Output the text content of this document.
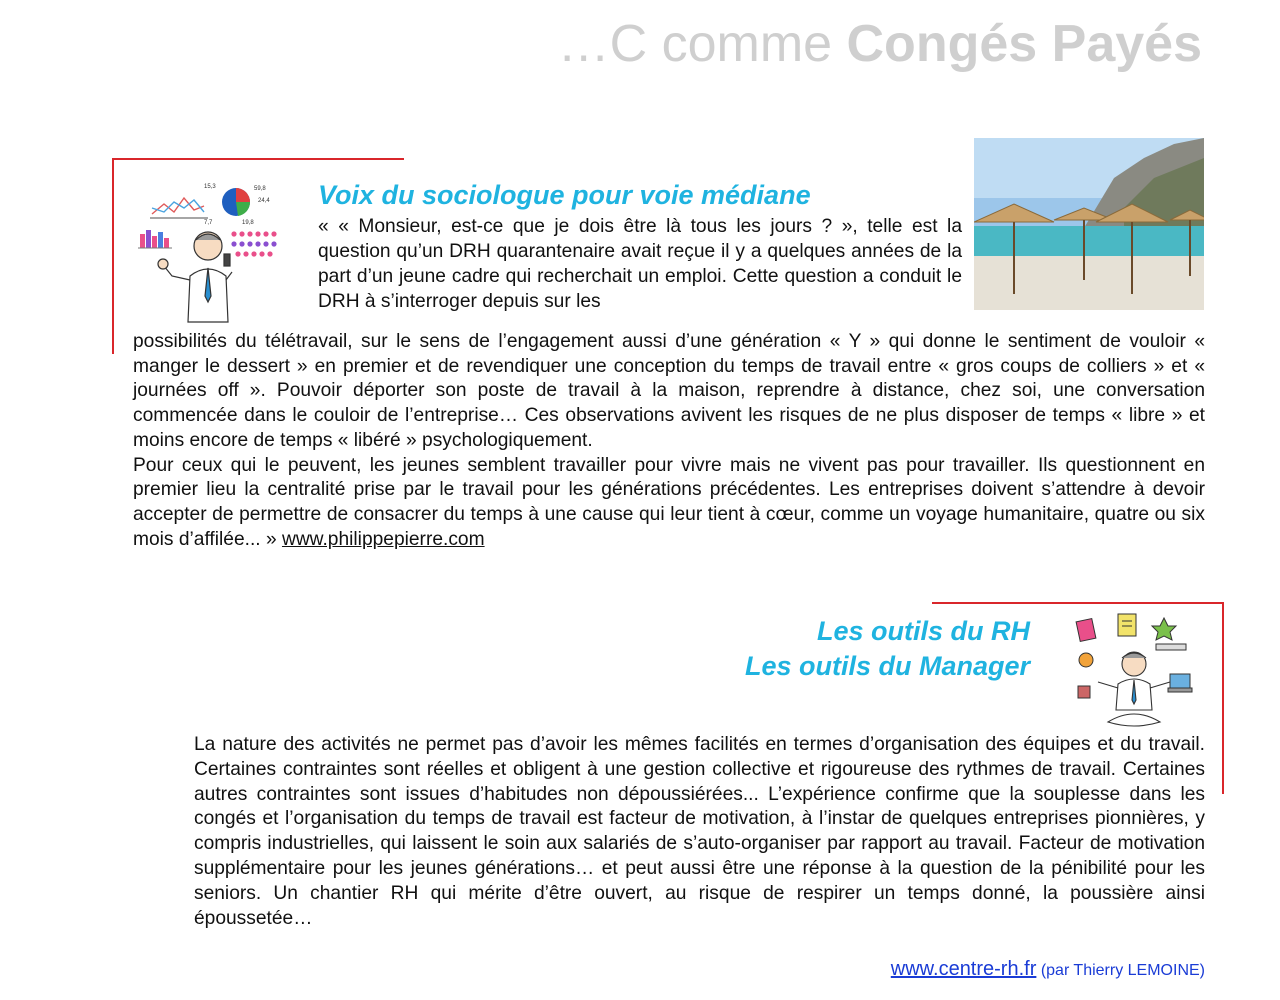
…C comme Congés Payés
15,3	59,8
24,4
7,7	19,8
Voix du sociologue pour voie médiane

« « Monsieur, est-ce que je dois être là tous les jours ? », telle est la question qu’un DRH quarantenaire avait reçue il y a quelques années de la part d’un jeune cadre qui recherchait un emploi. Cette question a conduit le DRH à s’interroger depuis sur les

possibilités du télétravail, sur le sens de l’engagement aussi d’une génération « Y » qui donne le sentiment de vouloir « manger le dessert » en premier et de revendiquer une conception du temps de travail entre « gros coups de colliers » et « journées off ». Pouvoir déporter son poste de travail à la maison, reprendre à distance, chez soi, une conversation commencée dans le couloir de l’entreprise… Ces observations avivent les risques de ne plus disposer de temps « libre » et moins encore de temps « libéré » psychologiquement.

Pour ceux qui le peuvent, les jeunes semblent travailler pour vivre mais ne vivent pas pour travailler. Ils questionnent en premier lieu la centralité prise par le travail pour les générations précédentes. Les entreprises doivent s’attendre à devoir accepter de permettre de consacrer du temps à une cause qui leur tient à cœur, comme un voyage humanitaire, quatre ou six mois d’affilée... » www.philippepierre.com

Les outils du RH
Les outils du Manager

La nature des activités ne permet pas d’avoir les mêmes facilités en termes d’organisation des équipes et du travail. Certaines contraintes sont réelles et obligent à une gestion collective et rigoureuse des rythmes de travail. Certaines autres contraintes sont issues d’habitudes non dépoussiérées... L’expérience confirme que la souplesse dans les congés et l’organisation du temps de travail est facteur de motivation, à l’instar de quelques entreprises pionnières, y compris industrielles, qui laissent le soin aux salariés de s’auto-organiser par rapport au travail. Facteur de motivation supplémentaire pour les jeunes générations… et peut aussi être une réponse à la question de la pénibilité pour les seniors. Un chantier RH qui mérite d’être ouvert, au risque de respirer un temps donné, la poussière ainsi époussetée…

www.centre-rh.fr (par Thierry LEMOINE)
